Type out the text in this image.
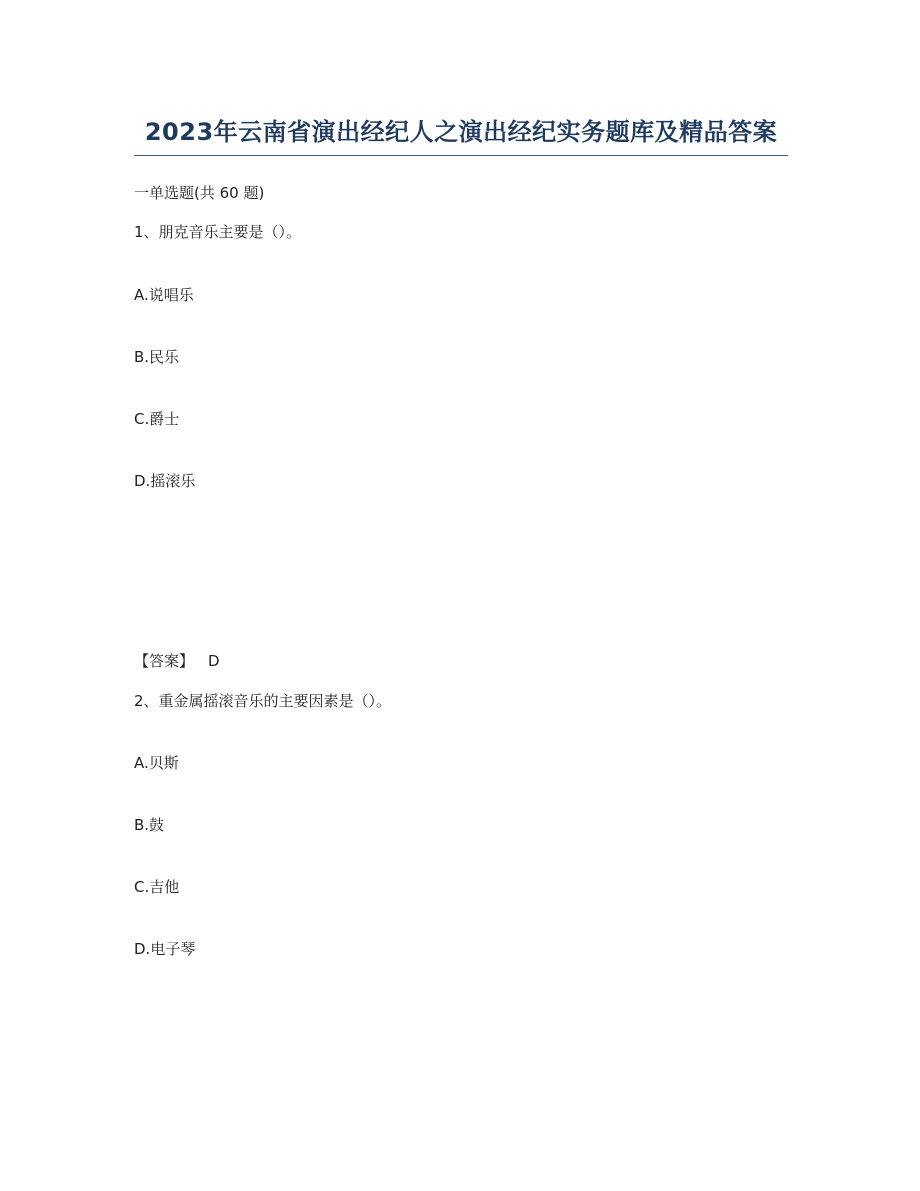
2023年云南省演出经纪人之演出经纪实务题库及精品答案
一单选题(共 60 题)
1、朋克音乐主要是（）。
A.说唱乐
B.民乐
C.爵士
D.摇滚乐
【答案】 D
2、重金属摇滚音乐的主要因素是（）。
A.贝斯
B.鼓
C.吉他
D.电子琴
